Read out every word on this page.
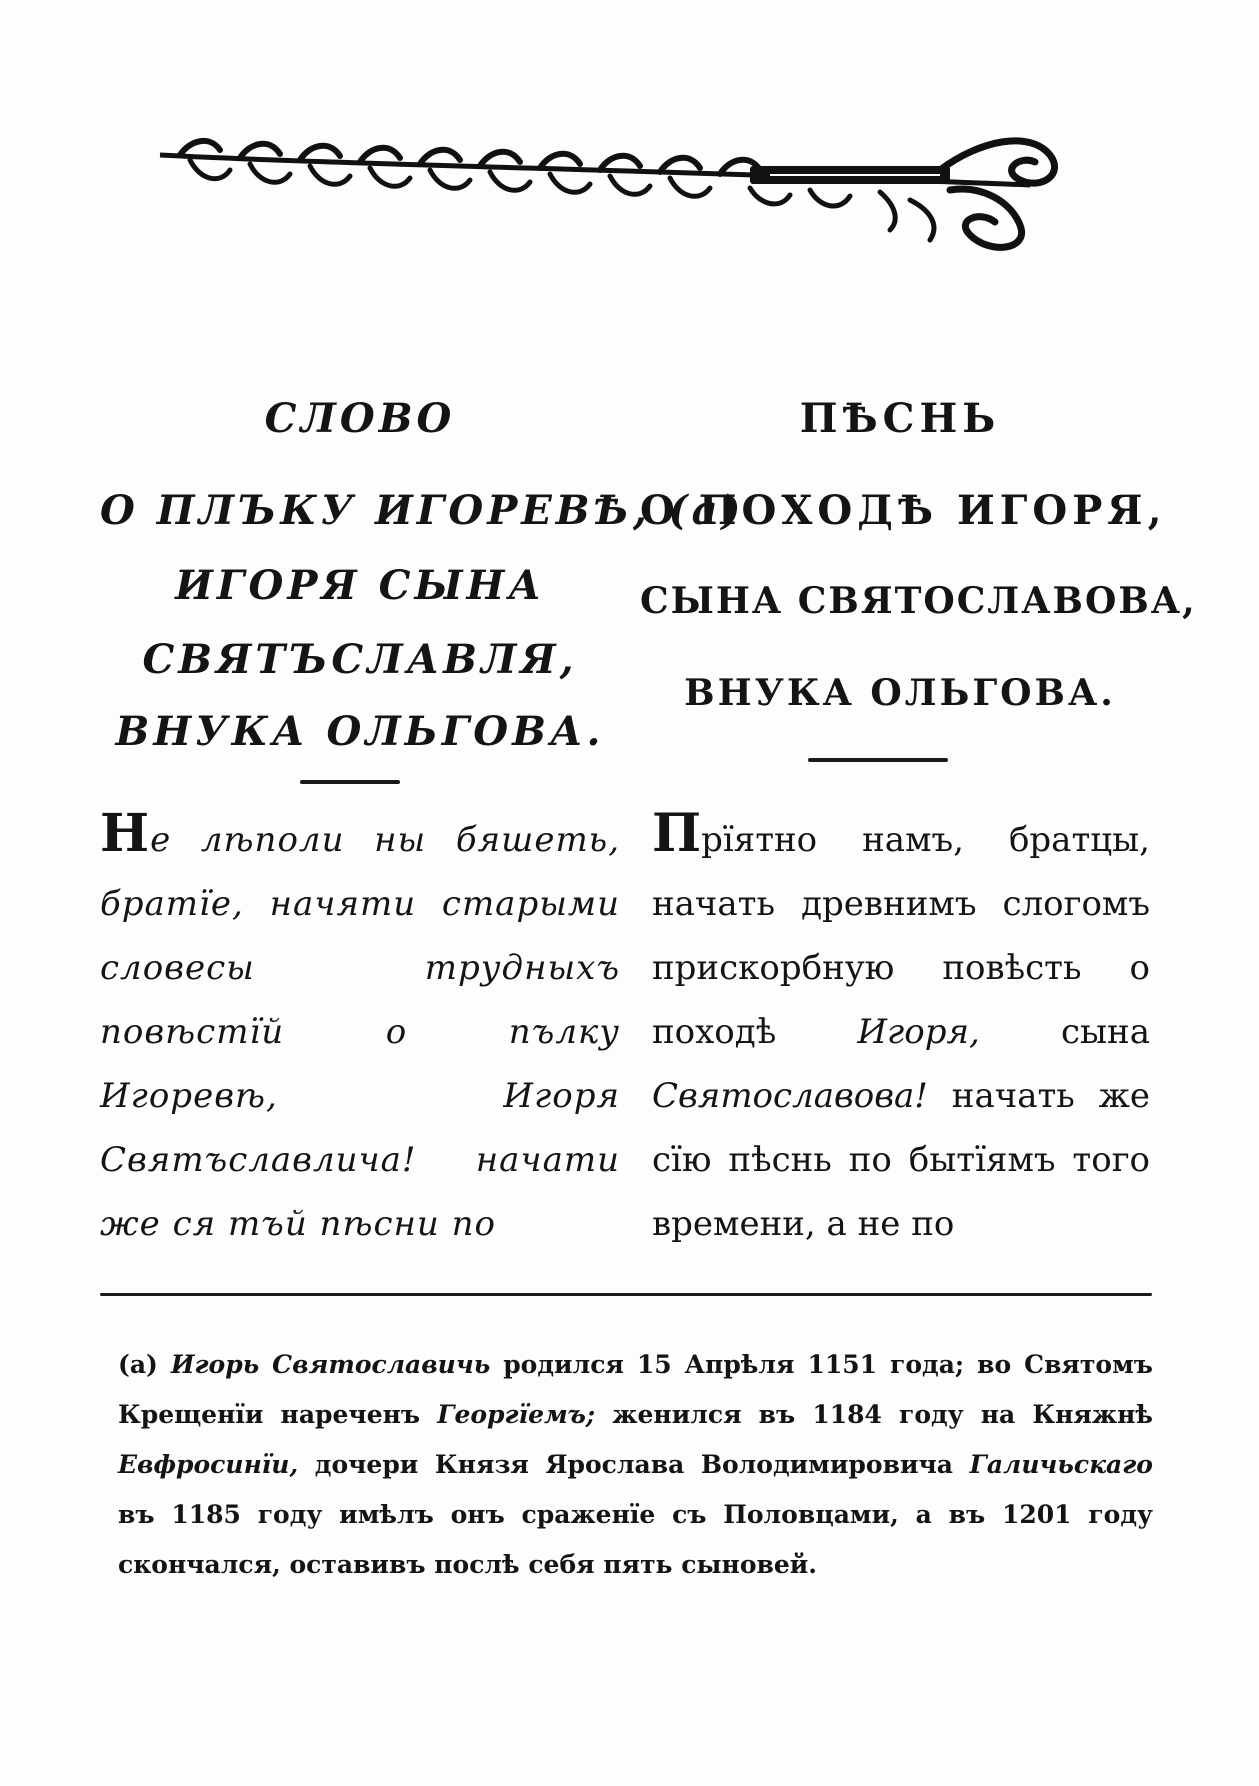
СЛОВО
О ПЛЪКУ ИГОРЕВѢ, (а)
ИГОРЯ СЫНА
СВЯТЪСЛАВЛЯ,
ВНУКА ОЛЬГОВА.
ПѢСНЬ
О ПОХОДѢ ИГОРЯ,
СЫНА СВЯТОСЛАВОВА,
ВНУКА ОЛЬГОВА.
Не лѣполи ны бяшеть, братїе, начяти старыми словесы трудныхъ повѣстїй о пълку Игоревѣ, Игоря Святъславлича! начати же ся тъй пѣсни по
Прїятно намъ, братцы, начать древнимъ слогомъ прискорбную повѣсть о походѣ Игоря, сына Святославова! начать же сїю пѣснь по бытїямъ того времени, а не по
(а) Игорь Святославичь родился 15 Апрѣля 1151 года; во Святомъ Крещенїи нареченъ Георгїемъ; женился въ 1184 году на Княжнѣ Евфросинїи, дочери Князя Ярослава Володимировича Галичьскаго въ 1185 году имѣлъ онъ сраженїе съ Половцами, а въ 1201 году скончался, оставивъ послѣ себя пять сыновей.
